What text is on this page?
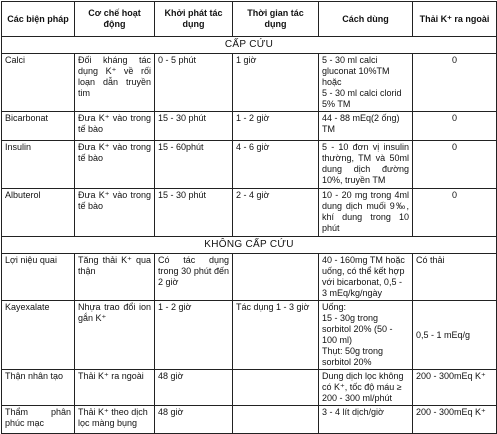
Các biện pháp	Cơ chế hoạt động	Khởi phát tác dụng	Thời gian tác dụng	Cách dùng	Thải K⁺ ra ngoài
CẤP CỨU					
Calci	Đối kháng tác dụng K⁺ về rối loạn dẫn truyền tim	0 - 5 phút	1 giờ	5 - 30 ml calci gluconat 10%TM hoặc
5 - 30 ml calci clorid 5% TM	0
Bicarbonat	Đưa K⁺ vào trong tế bào	15 - 30 phút	1 - 2 giờ	44 - 88 mEq(2 ống) TM	0
Insulin	Đưa K⁺ vào trong tế bào	15 - 60phút	4 - 6 giờ	5 - 10 đơn vị insulin thường, TM và 50ml dung dịch đường 10%, truyền TM	0
Albuterol	Đưa K⁺ vào trong tế bào	15 - 30 phút	2 - 4 giờ	10 - 20 mg trong 4ml dung dịch muối 9‰, khí dung trong 10 phút	0
KHÔNG CẤP CỨU					
Lợi niệu quai	Tăng thải K⁺ qua thận	Có tác dụng trong 30 phút đến 2 giờ		40 - 160mg TM hoặc uống, có thể kết hợp với bicarbonat, 0,5 - 3 mEq/kg/ngày	Có thải
Kayexalate	Nhựa trao đổi ion gắn K⁺	1 - 2 giờ	Tác dụng 1 - 3 giờ	Uống:
15 - 30g trong sorbitol 20% (50 - 100 ml)
Thụt: 50g trong sorbitol 20%	0,5 - 1 mEq/g
Thận nhân tạo	Thải K⁺ ra ngoài	48 giờ		Dung dịch lọc không có K⁺, tốc độ máu ≥ 200 - 300 ml/phút	200 - 300mEq K⁺
Thẩm phân phúc mạc	Thải K⁺ theo dịch lọc màng bụng	48 giờ		3 - 4 lít dịch/giờ	200 - 300mEq K⁺
